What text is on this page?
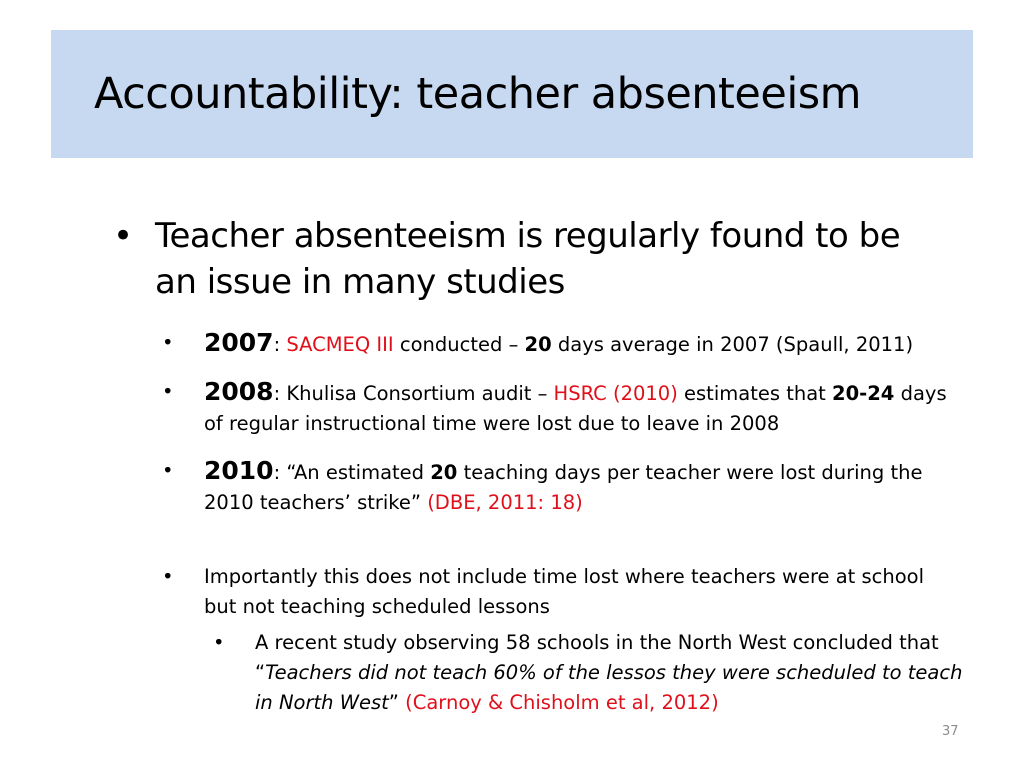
Accountability: teacher absenteeism
• Teacher absenteeism is regularly found to be an issue in many studies
•	2007: SACMEQ III conducted – 20 days average in 2007 (Spaull, 2011)
•	2008: Khulisa Consortium audit – HSRC (2010) estimates that 20-24 days of regular instructional time were lost due to leave in 2008
•	2010: “An estimated 20 teaching days per teacher were lost during the 2010 teachers’ strike” (DBE, 2011: 18)
•	Importantly this does not include time lost where teachers were at school but not teaching scheduled lessons
•	A recent study observing 58 schools in the North West concluded that “Teachers did not teach 60% of the lessos they were scheduled to teach in North West” (Carnoy & Chisholm et al, 2012)
37
